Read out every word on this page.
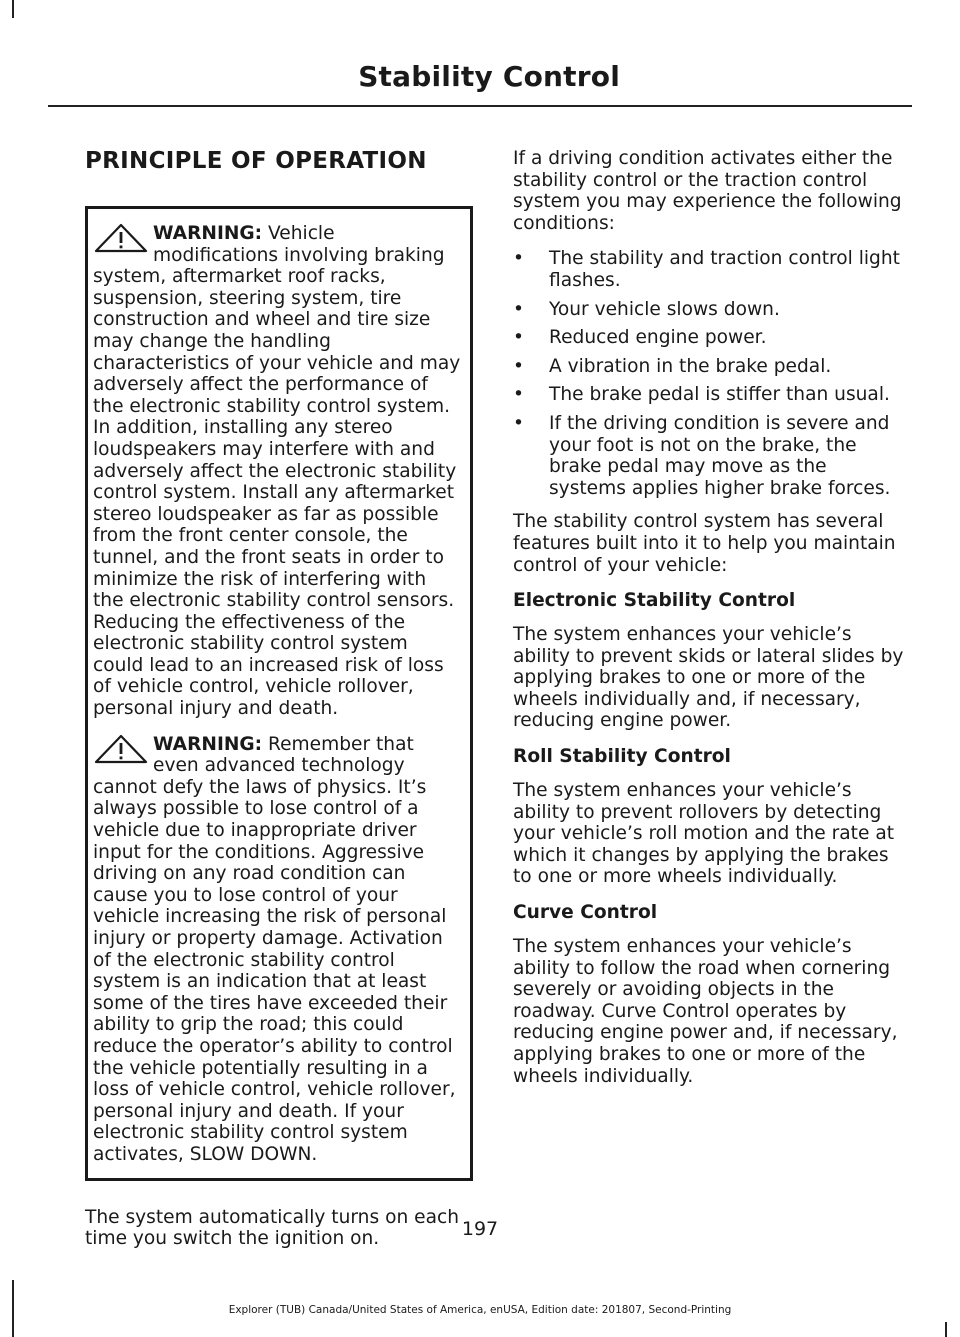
Stability Control
PRINCIPLE OF OPERATION

WARNING: Vehicle modifications involving braking system, aftermarket roof racks, suspension, steering system, tire construction and wheel and tire size may change the handling characteristics of your vehicle and may adversely affect the performance of the electronic stability control system. In addition, installing any stereo loudspeakers may interfere with and adversely affect the electronic stability control system. Install any aftermarket stereo loudspeaker as far as possible from the front center console, the tunnel, and the front seats in order to minimize the risk of interfering with the electronic stability control sensors. Reducing the effectiveness of the electronic stability control system could lead to an increased risk of loss of vehicle control, vehicle rollover, personal injury and death.

WARNING: Remember that even advanced technology cannot defy the laws of physics. It’s always possible to lose control of a vehicle due to inappropriate driver input for the conditions. Aggressive driving on any road condition can cause you to lose control of your vehicle increasing the risk of personal injury or property damage. Activation of the electronic stability control system is an indication that at least some of the tires have exceeded their ability to grip the road; this could reduce the operator’s ability to control the vehicle potentially resulting in a loss of vehicle control, vehicle rollover, personal injury and death. If your electronic stability control system activates, SLOW DOWN.

The system automatically turns on each time you switch the ignition on.

If a driving condition activates either the stability control or the traction control system you may experience the following conditions:

• The stability and traction control light flashes.
• Your vehicle slows down.
• Reduced engine power.
• A vibration in the brake pedal.
• The brake pedal is stiffer than usual.
• If the driving condition is severe and your foot is not on the brake, the brake pedal may move as the systems applies higher brake forces.

The stability control system has several features built into it to help you maintain control of your vehicle:

Electronic Stability Control

The system enhances your vehicle’s ability to prevent skids or lateral slides by applying brakes to one or more of the wheels individually and, if necessary, reducing engine power.

Roll Stability Control

The system enhances your vehicle’s ability to prevent rollovers by detecting your vehicle’s roll motion and the rate at which it changes by applying the brakes to one or more wheels individually.

Curve Control

The system enhances your vehicle’s ability to follow the road when cornering severely or avoiding objects in the roadway. Curve Control operates by reducing engine power and, if necessary, applying brakes to one or more of the wheels individually.

197
Explorer (TUB) Canada/United States of America, enUSA, Edition date: 201807, Second-Printing
